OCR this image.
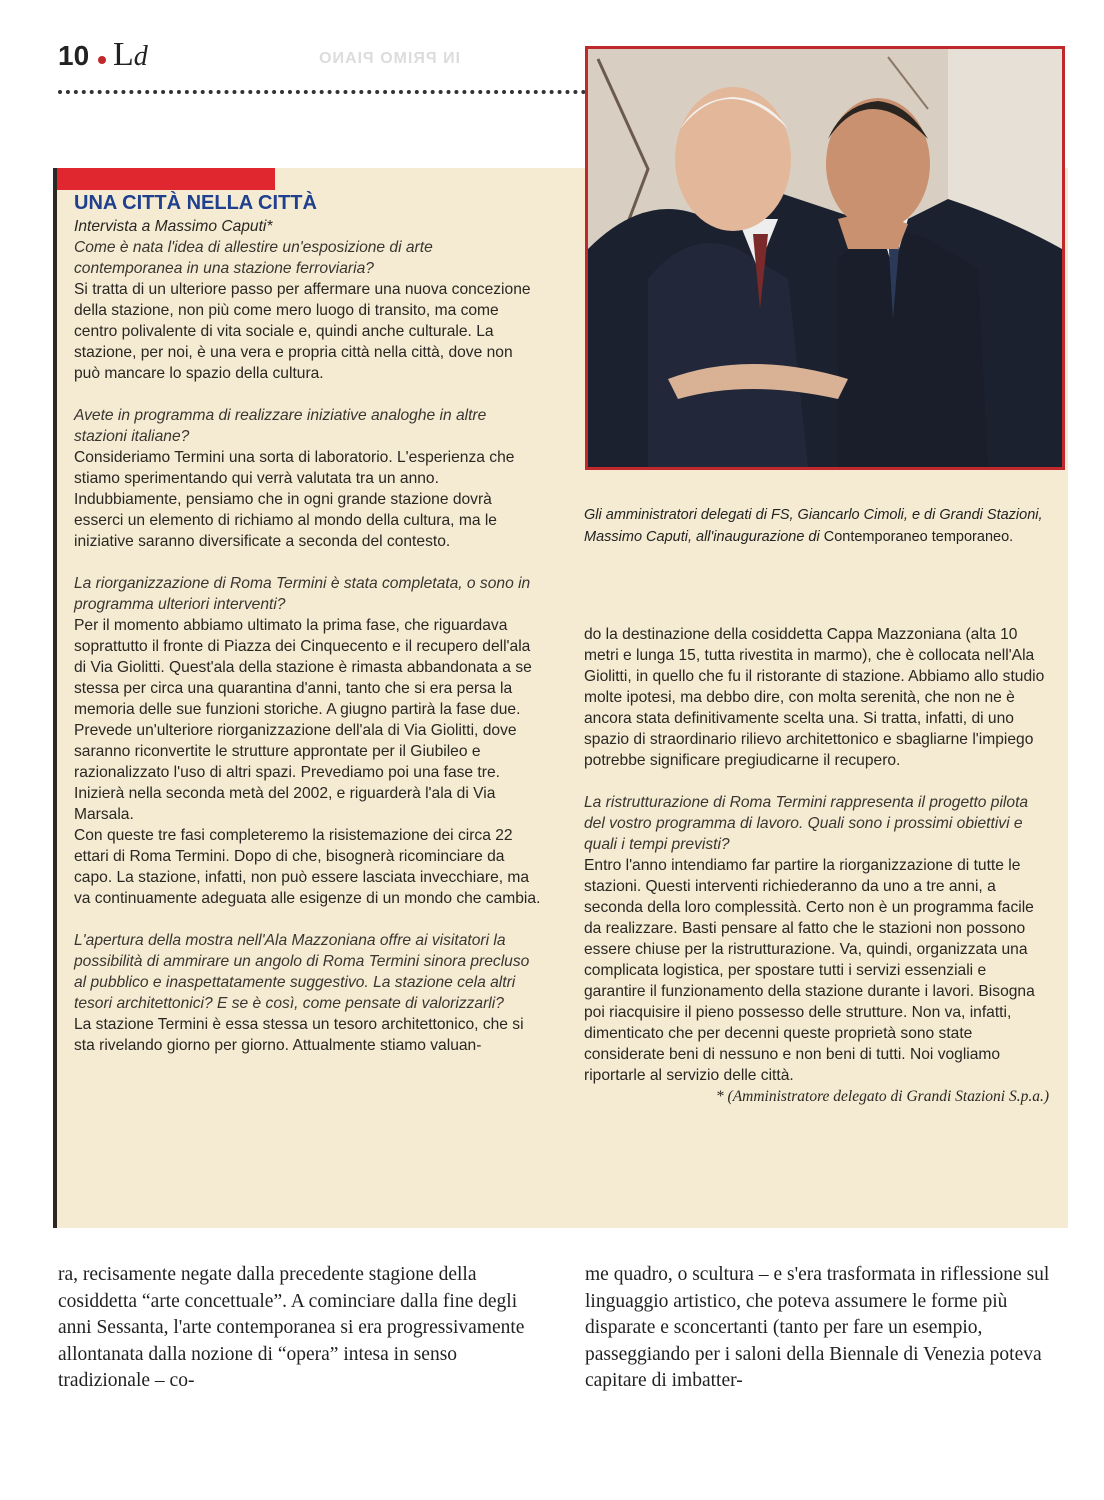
10 Ld	IN PRIMO PIANO
Gli amministratori delegati di FS, Giancarlo Cimoli, e di Grandi Stazioni, Massimo Caputi, all'inaugurazione di Contemporaneo temporaneo.

UNA CITTÀ NELLA CITTÀ

Intervista a Massimo Caputi*

Come è nata l'idea di allestire un'esposizione di arte contemporanea in una stazione ferroviaria?

Si tratta di un ulteriore passo per affermare una nuova concezione della stazione, non più come mero luogo di transito, ma come centro polivalente di vita sociale e, quindi anche culturale. La stazione, per noi, è una vera e propria città nella città, dove non può mancare lo spazio della cultura.

Avete in programma di realizzare iniziative analoghe in altre stazioni italiane?

Consideriamo Termini una sorta di laboratorio. L'esperienza che stiamo sperimentando qui verrà valutata tra un anno. Indubbiamente, pensiamo che in ogni grande stazione dovrà esserci un elemento di richiamo al mondo della cultura, ma le iniziative saranno diversificate a seconda del contesto.

La riorganizzazione di Roma Termini è stata completata, o sono in programma ulteriori interventi?

Per il momento abbiamo ultimato la prima fase, che riguardava soprattutto il fronte di Piazza dei Cinquecento e il recupero dell'ala di Via Giolitti. Quest'ala della stazione è rimasta abbandonata a se stessa per circa una quarantina d'anni, tanto che si era persa la memoria delle sue funzioni storiche. A giugno partirà la fase due. Prevede un'ulteriore riorganizzazione dell'ala di Via Giolitti, dove saranno riconvertite le strutture approntate per il Giubileo e razionalizzato l'uso di altri spazi. Prevediamo poi una fase tre. Inizierà nella seconda metà del 2002, e riguarderà l'ala di Via Marsala.

Con queste tre fasi completeremo la risistemazione dei circa 22 ettari di Roma Termini. Dopo di che, bisognerà ricominciare da capo. La stazione, infatti, non può essere lasciata invecchiare, ma va continuamente adeguata alle esigenze di un mondo che cambia.

L'apertura della mostra nell'Ala Mazzoniana offre ai visitatori la possibilità di ammirare un angolo di Roma Termini sinora precluso al pubblico e inaspettatamente suggestivo. La stazione cela altri tesori architettonici? E se è così, come pensate di valorizzarli?

La stazione Termini è essa stessa un tesoro architettonico, che si sta rivelando giorno per giorno. Attualmente stiamo valuan-

do la destinazione della cosiddetta Cappa Mazzoniana (alta 10 metri e lunga 15, tutta rivestita in marmo), che è collocata nell'Ala Giolitti, in quello che fu il ristorante di stazione. Abbiamo allo studio molte ipotesi, ma debbo dire, con molta serenità, che non ne è ancora stata definitivamente scelta una. Si tratta, infatti, di uno spazio di straordinario rilievo architettonico e sbagliarne l'impiego potrebbe significare pregiudicarne il recupero.

La ristrutturazione di Roma Termini rappresenta il progetto pilota del vostro programma di lavoro. Quali sono i prossimi obiettivi e quali i tempi previsti?

Entro l'anno intendiamo far partire la riorganizzazione di tutte le stazioni. Questi interventi richiederanno da uno a tre anni, a seconda della loro complessità. Certo non è un programma facile da realizzare. Basti pensare al fatto che le stazioni non possono essere chiuse per la ristrutturazione. Va, quindi, organizzata una complicata logistica, per spostare tutti i servizi essenziali e garantire il funzionamento della stazione durante i lavori. Bisogna poi riacquisire il pieno possesso delle strutture. Non va, infatti, dimenticato che per decenni queste proprietà sono state considerate beni di nessuno e non beni di tutti. Noi vogliamo riportarle al servizio delle città.

* (Amministratore delegato di Grandi Stazioni S.p.a.)

ra, recisamente negate dalla precedente stagione della cosiddetta “arte concettuale”. A cominciare dalla fine degli anni Sessanta, l'arte contemporanea si era progressivamente allontanata dalla nozione di “opera” intesa in senso tradizionale – co-

me quadro, o scultura – e s'era trasformata in riflessione sul linguaggio artistico, che poteva assumere le forme più disparate e sconcertanti (tanto per fare un esempio, passeggiando per i saloni della Biennale di Venezia poteva capitare di imbatter-
